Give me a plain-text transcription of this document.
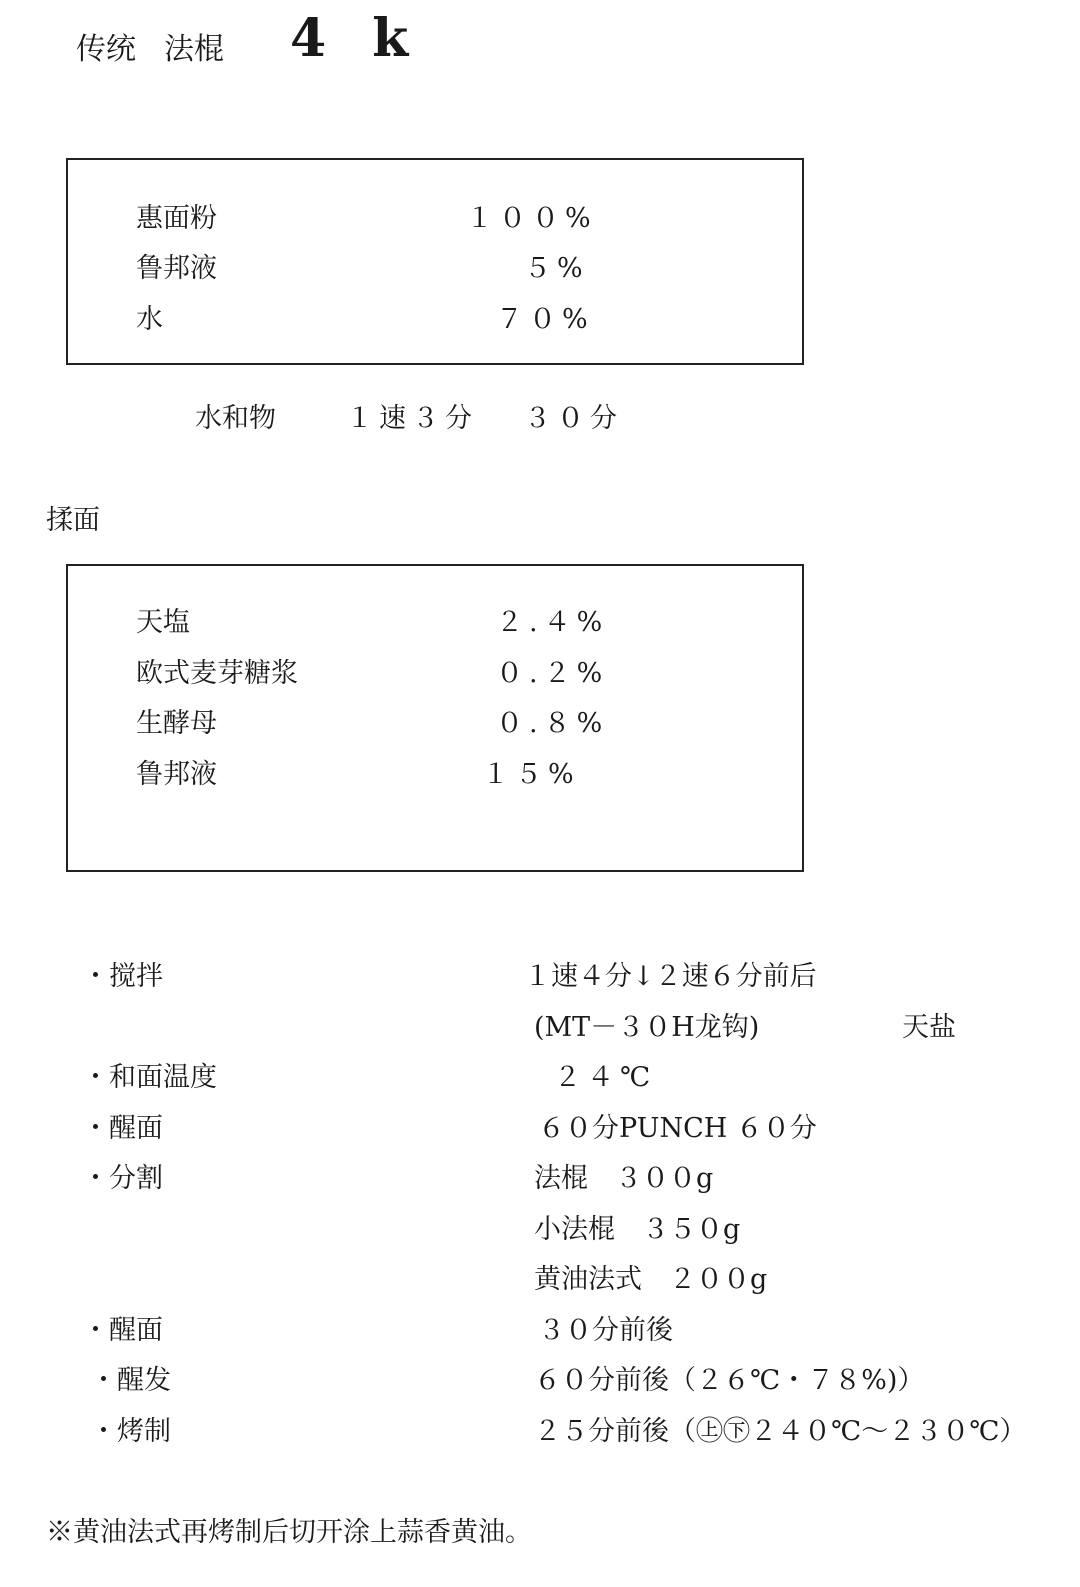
传统 法棍 4 k
惠面粉	１００%
鲁邦液	５%
水	７０%
水和物	１速３分 ３０分
揉面
天塩	２.４%
欧式麦芽糖浆	０.２%
生酵母	０.８%
鲁邦液	１５%
・搅拌	１速４分↓２速６分前后
(MT－３０H龙钩)	天盐
・和面温度	２４℃
・醒面	６０分PUNCH ６０分
・分割	法棍　３００g
小法棍　３５０g
黄油法式　２００g
・醒面	３０分前後
・醒发	６０分前後（２６℃・７８%)）
・烤制	２５分前後（㊤㊦２４０℃～２３０℃）
※黄油法式再烤制后切开涂上蒜香黄油。
